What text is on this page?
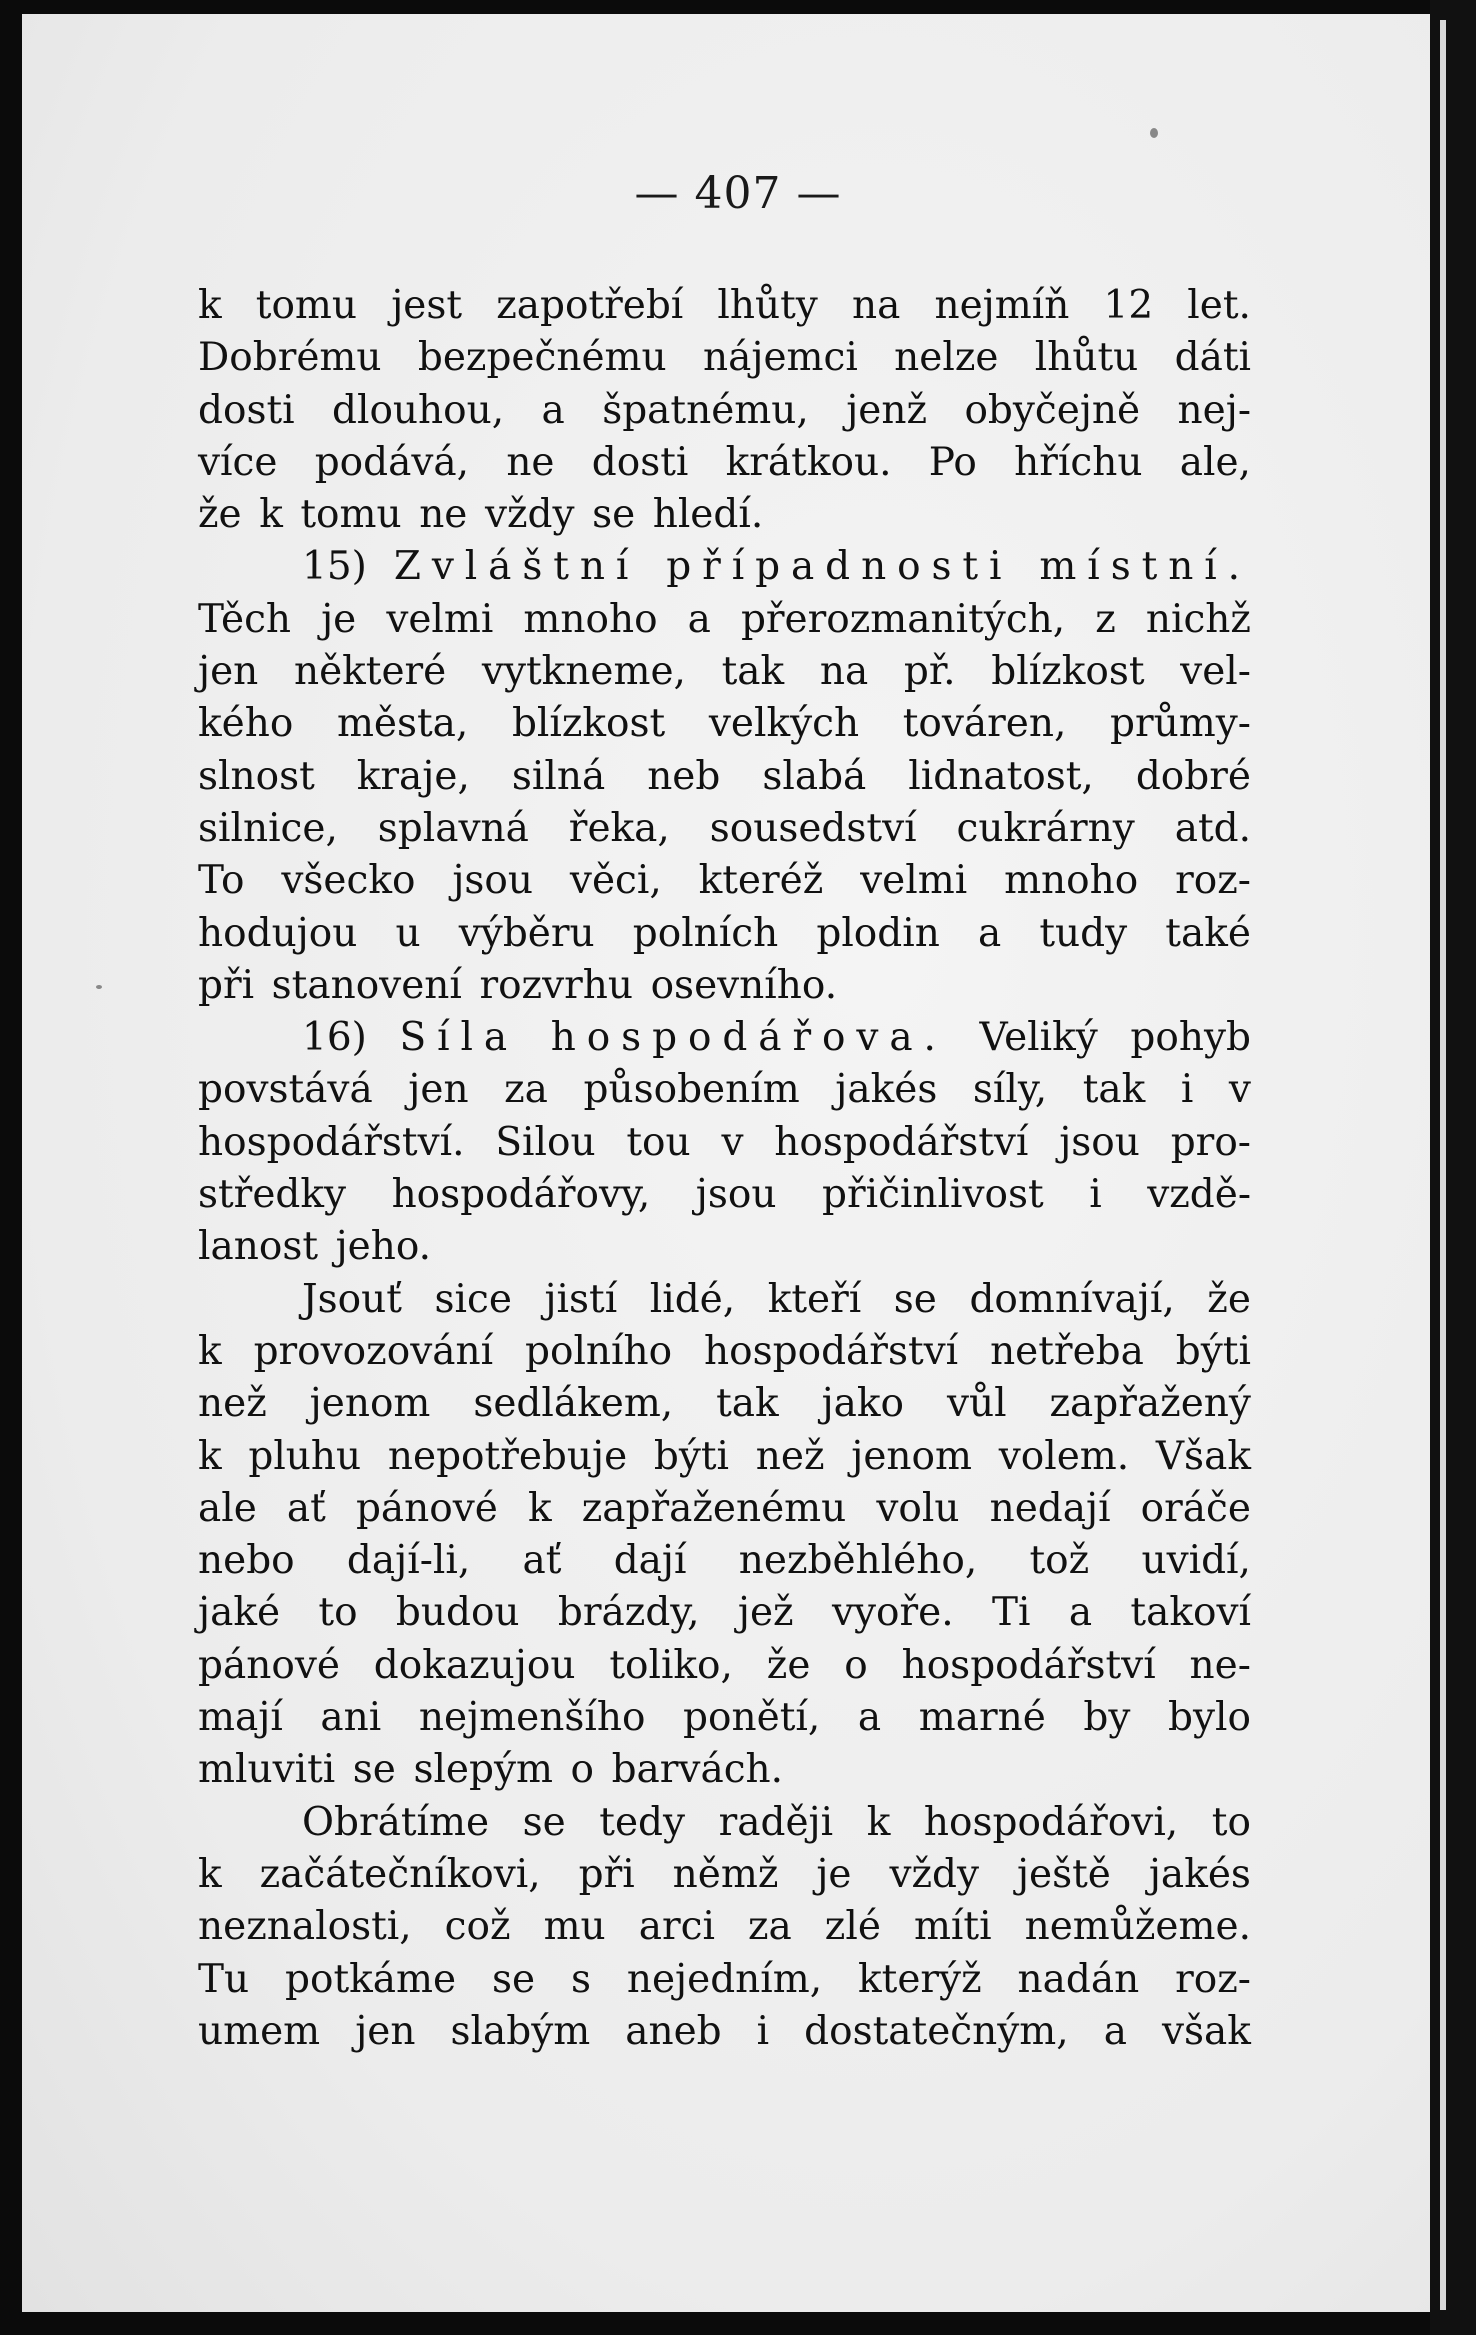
— 407 —
k tomu jest zapotřebí lhůty na nejmíň 12 let.
Dobrému bezpečnému nájemci nelze lhůtu dáti
dosti dlouhou, a špatnému, jenž obyčejně nej-
více podává, ne dosti krátkou. Po hříchu ale,
že k tomu ne vždy se hledí.
15) Zvláštní případnosti místní.
Těch je velmi mnoho a přerozmanitých, z nichž
jen některé vytkneme, tak na př. blízkost vel-
kého města, blízkost velkých továren, průmy-
slnost kraje, silná neb slabá lidnatost, dobré
silnice, splavná řeka, sousedství cukrárny atd.
To všecko jsou věci, kteréž velmi mnoho roz-
hodujou u výběru polních plodin a tudy také
při stanovení rozvrhu osevního.
16) Síla hospodářova. Veliký pohyb
povstává jen za působením jakés síly, tak i v
hospodářství. Silou tou v hospodářství jsou pro-
středky hospodářovy, jsou přičinlivost i vzdě-
lanost jeho.
Jsouť sice jistí lidé, kteří se domnívají, že
k provozování polního hospodářství netřeba býti
než jenom sedlákem, tak jako vůl zapřažený
k pluhu nepotřebuje býti než jenom volem. Však
ale ať pánové k zapřaženému volu nedají oráče
nebo dají-li, ať dají nezběhlého, tož uvidí,
jaké to budou brázdy, jež vyoře. Ti a takoví
pánové dokazujou toliko, že o hospodářství ne-
mají ani nejmenšího ponětí, a marné by bylo
mluviti se slepým o barvách.
Obrátíme se tedy raději k hospodářovi, to
k začátečníkovi, při němž je vždy ještě jakés
neznalosti, což mu arci za zlé míti nemůžeme.
Tu potkáme se s nejedním, kterýž nadán roz-
umem jen slabým aneb i dostatečným, a však
